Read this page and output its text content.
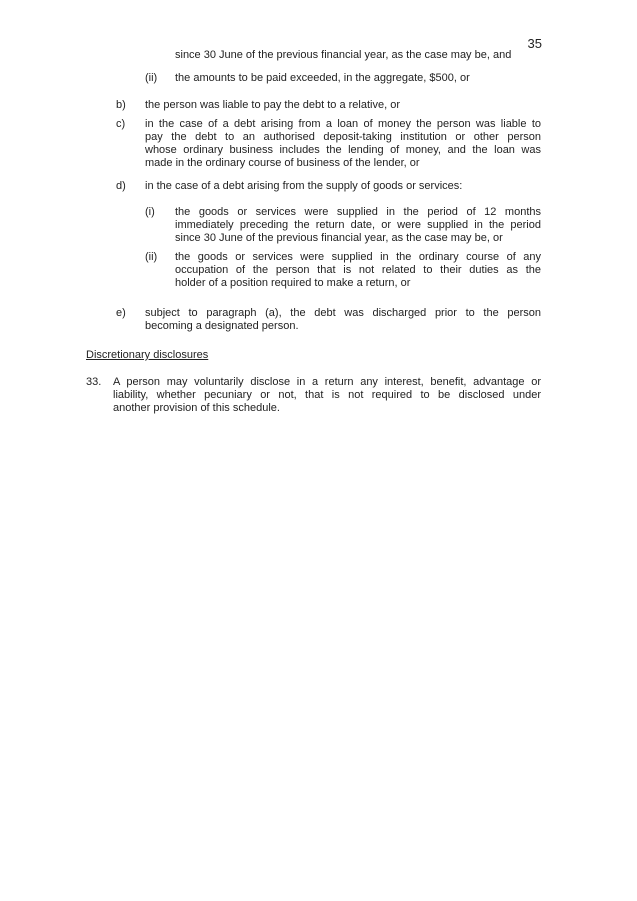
35
since 30 June of the previous financial year, as the case may be, and
(ii) the amounts to be paid exceeded, in the aggregate, $500, or
b) the person was liable to pay the debt to a relative, or
c) in the case of a debt arising from a loan of money the person was liable to
pay the debt to an authorised deposit-taking institution or other person
whose ordinary business includes the lending of money, and the loan was
made in the ordinary course of business of the lender, or
d) in the case of a debt arising from the supply of goods or services:
(i) the goods or services were supplied in the period of 12 months
immediately preceding the return date, or were supplied in the period
since 30 June of the previous financial year, as the case may be, or
(ii) the goods or services were supplied in the ordinary course of any
occupation of the person that is not related to their duties as the
holder of a position required to make a return, or
e) subject to paragraph (a), the debt was discharged prior to the person
becoming a designated person.
Discretionary disclosures
33. A person may voluntarily disclose in a return any interest, benefit, advantage or
liability, whether pecuniary or not, that is not required to be disclosed under
another provision of this schedule.
